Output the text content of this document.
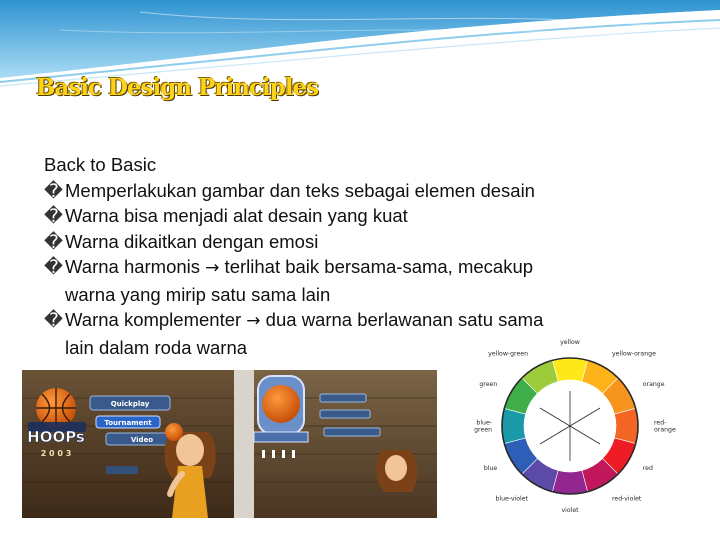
Basic Design Principles
Back to Basic
� Memperlakukan gambar dan teks sebagai elemen desain
� Warna bisa menjadi alat desain yang kuat
� Warna dikaitkan dengan emosi
� Warna harmonis → terlihat baik bersama-sama, mecakup
warna yang mirip satu sama lain
� Warna komplementer → dua warna berlawanan satu sama
lain dalam roda warna
HOOPs
2 0 0 3
Quickplay
Tournament
Video
yellow
yellow-orange
orange
red-orange
red
red-violet
violet
blue-violet
blue
blue-green
green
yellow-green
